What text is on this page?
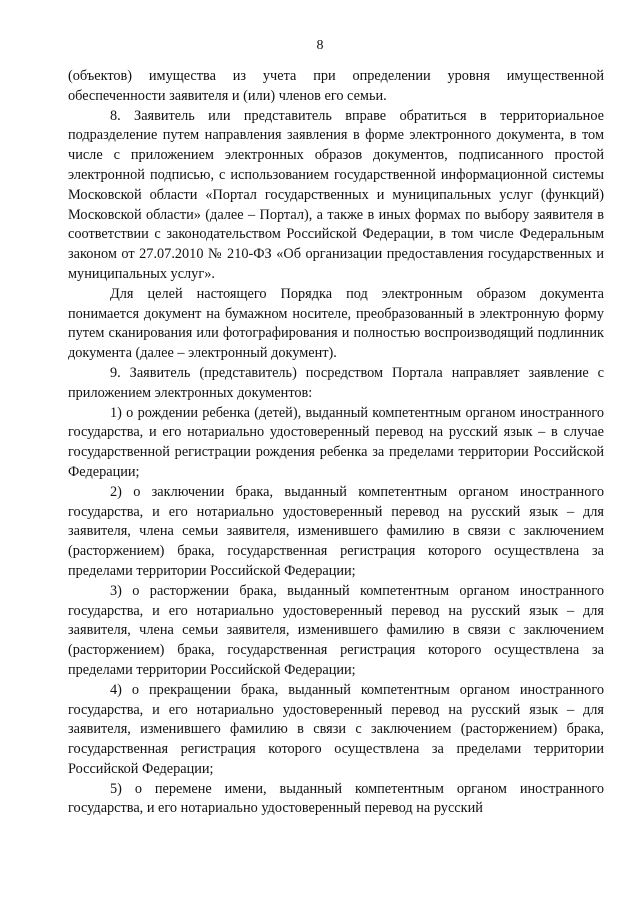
8

(объектов) имущества из учета при определении уровня имущественной обеспеченности заявителя и (или) членов его семьи.

8. Заявитель или представитель вправе обратиться в территориальное подразделение путем направления заявления в форме электронного документа, в том числе с приложением электронных образов документов, подписанного простой электронной подписью, с использованием государственной информационной системы Московской области «Портал государственных и муниципальных услуг (функций) Московской области» (далее – Портал), а также в иных формах по выбору заявителя в соответствии с законодательством Российской Федерации, в том числе Федеральным законом от 27.07.2010 № 210-ФЗ «Об организации предоставления государственных и муниципальных услуг».

Для целей настоящего Порядка под электронным образом документа понимается документ на бумажном носителе, преобразованный в электронную форму путем сканирования или фотографирования и полностью воспроизводящий подлинник документа (далее – электронный документ).

9. Заявитель (представитель) посредством Портала направляет заявление с приложением электронных документов:

1) о рождении ребенка (детей), выданный компетентным органом иностранного государства, и его нотариально удостоверенный перевод на русский язык – в случае государственной регистрации рождения ребенка за пределами территории Российской Федерации;

2) о заключении брака, выданный компетентным органом иностранного государства, и его нотариально удостоверенный перевод на русский язык – для заявителя, члена семьи заявителя, изменившего фамилию в связи с заключением (расторжением) брака, государственная регистрация которого осуществлена за пределами территории Российской Федерации;

3) о расторжении брака, выданный компетентным органом иностранного государства, и его нотариально удостоверенный перевод на русский язык – для заявителя, члена семьи заявителя, изменившего фамилию в связи с заключением (расторжением) брака, государственная регистрация которого осуществлена за пределами территории Российской Федерации;

4) о прекращении брака, выданный компетентным органом иностранного государства, и его нотариально удостоверенный перевод на русский язык – для заявителя, изменившего фамилию в связи с заключением (расторжением) брака, государственная регистрация которого осуществлена за пределами территории Российской Федерации;

5) о перемене имени, выданный компетентным органом иностранного государства, и его нотариально удостоверенный перевод на русский
